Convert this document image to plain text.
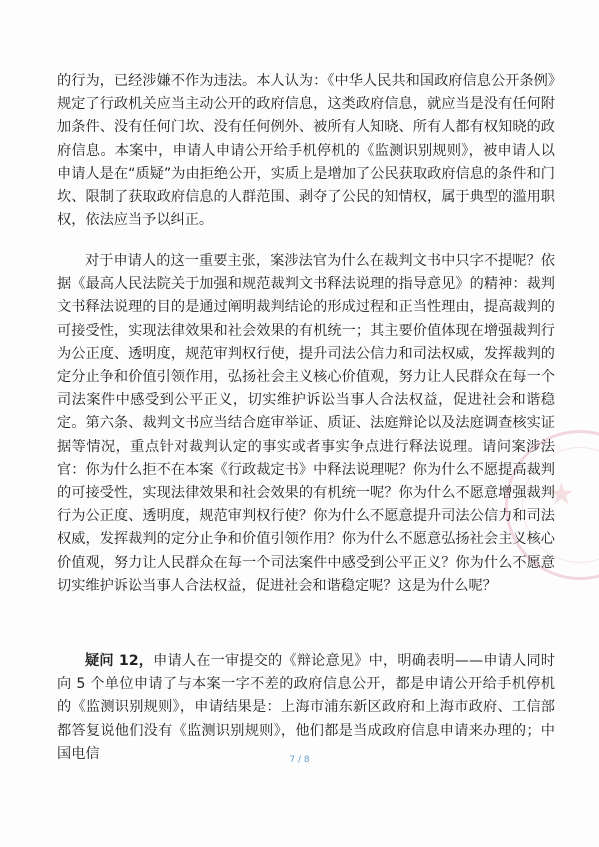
★

的行为，已经涉嫌不作为违法。本人认为：《中华人民共和国政府信息公开条例》规定了行政机关应当主动公开的政府信息，这类政府信息，就应当是没有任何附加条件、没有任何门坎、没有任何例外、被所有人知晓、所有人都有权知晓的政府信息。本案中，申请人申请公开给手机停机的《监测识别规则》，被申请人以申请人是在“质疑”为由拒绝公开，实质上是增加了公民获取政府信息的条件和门坎、限制了获取政府信息的人群范围、剥夺了公民的知情权，属于典型的滥用职权，依法应当予以纠正。

对于申请人的这一重要主张，案涉法官为什么在裁判文书中只字不提呢？依据《最高人民法院关于加强和规范裁判文书释法说理的指导意见》的精神：裁判文书释法说理的目的是通过阐明裁判结论的形成过程和正当性理由，提高裁判的可接受性，实现法律效果和社会效果的有机统一；其主要价值体现在增强裁判行为公正度、透明度，规范审判权行使，提升司法公信力和司法权威，发挥裁判的定分止争和价值引领作用，弘扬社会主义核心价值观，努力让人民群众在每一个司法案件中感受到公平正义，切实维护诉讼当事人合法权益，促进社会和谐稳定。第六条、裁判文书应当结合庭审举证、质证、法庭辩论以及法庭调查核实证据等情况，重点针对裁判认定的事实或者事实争点进行释法说理。请问案涉法官：你为什么拒不在本案《行政裁定书》中释法说理呢？你为什么不愿提高裁判的可接受性，实现法律效果和社会效果的有机统一呢？你为什么不愿意增强裁判行为公正度、透明度，规范审判权行使？你为什么不愿意提升司法公信力和司法权威，发挥裁判的定分止争和价值引领作用？你为什么不愿意弘扬社会主义核心价值观，努力让人民群众在每一个司法案件中感受到公平正义？你为什么不愿意切实维护诉讼当事人合法权益，促进社会和谐稳定呢？这是为什么呢？

疑问 12，申请人在一审提交的《辩论意见》中，明确表明——申请人同时向 5 个单位申请了与本案一字不差的政府信息公开，都是申请公开给手机停机的《监测识别规则》，申请结果是：上海市浦东新区政府和上海市政府、工信部都答复说他们没有《监测识别规则》，他们都是当成政府信息申请来办理的；中国电信	7 / 8
